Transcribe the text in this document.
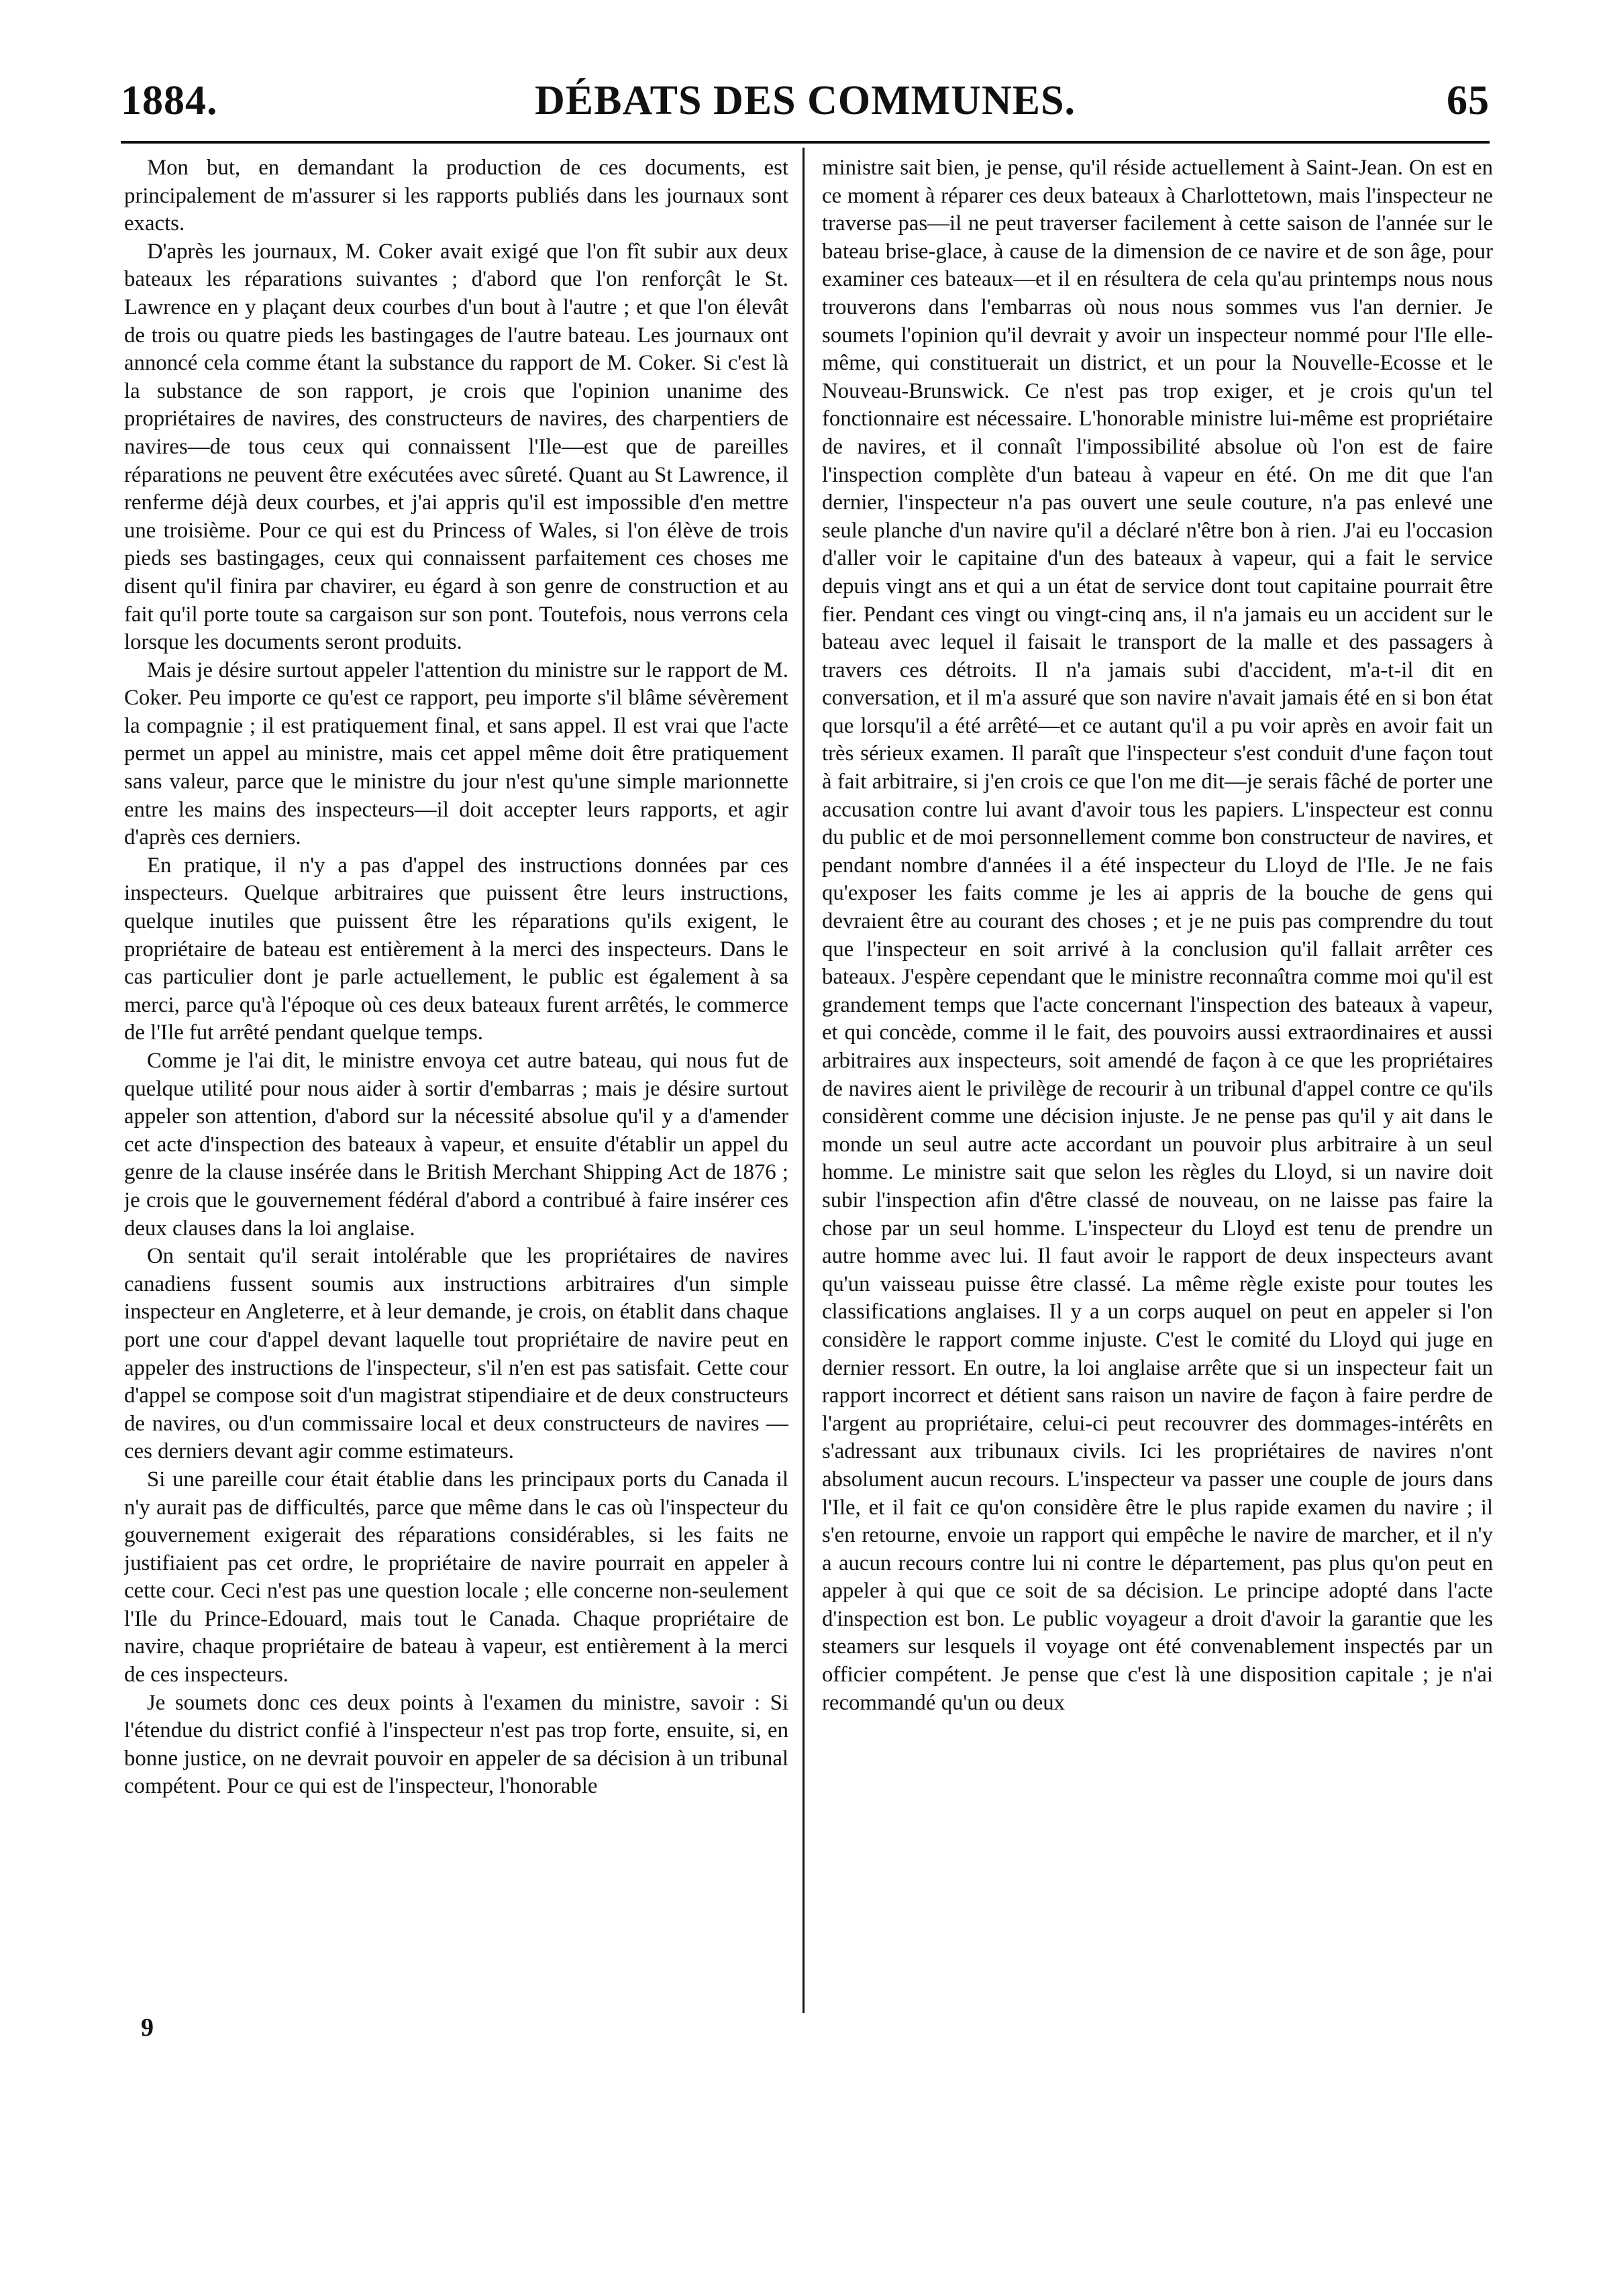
DÉBATS DES COMMUNES.
1884.	65

Mon but, en demandant la production de ces documents, est principalement de m'assurer si les rapports publiés dans les journaux sont exacts.

D'après les journaux, M. Coker avait exigé que l'on fît subir aux deux bateaux les réparations suivantes ; d'abord que l'on renforçât le St. Lawrence en y plaçant deux courbes d'un bout à l'autre ; et que l'on élevât de trois ou quatre pieds les bastingages de l'autre bateau. Les journaux ont annoncé cela comme étant la substance du rapport de M. Coker. Si c'est là la substance de son rapport, je crois que l'opinion unanime des propriétaires de navires, des constructeurs de navires, des charpentiers de navires—de tous ceux qui connaissent l'Ile—est que de pareilles réparations ne peuvent être exécutées avec sûreté. Quant au St Lawrence, il renferme déjà deux courbes, et j'ai appris qu'il est impossible d'en mettre une troisième. Pour ce qui est du Princess of Wales, si l'on élève de trois pieds ses bastingages, ceux qui connaissent parfaitement ces choses me disent qu'il finira par chavirer, eu égard à son genre de construction et au fait qu'il porte toute sa cargaison sur son pont. Toutefois, nous verrons cela lorsque les documents seront produits.

Mais je désire surtout appeler l'attention du ministre sur le rapport de M. Coker. Peu importe ce qu'est ce rapport, peu importe s'il blâme sévèrement la compagnie ; il est pratiquement final, et sans appel. Il est vrai que l'acte permet un appel au ministre, mais cet appel même doit être pratiquement sans valeur, parce que le ministre du jour n'est qu'une simple marionnette entre les mains des inspecteurs—il doit accepter leurs rapports, et agir d'après ces derniers.

En pratique, il n'y a pas d'appel des instructions données par ces inspecteurs. Quelque arbitraires que puissent être leurs instructions, quelque inutiles que puissent être les réparations qu'ils exigent, le propriétaire de bateau est entièrement à la merci des inspecteurs. Dans le cas particulier dont je parle actuellement, le public est également à sa merci, parce qu'à l'époque où ces deux bateaux furent arrêtés, le commerce de l'Ile fut arrêté pendant quelque temps.

Comme je l'ai dit, le ministre envoya cet autre bateau, qui nous fut de quelque utilité pour nous aider à sortir d'embarras ; mais je désire surtout appeler son attention, d'abord sur la nécessité absolue qu'il y a d'amender cet acte d'inspection des bateaux à vapeur, et ensuite d'établir un appel du genre de la clause insérée dans le British Merchant Shipping Act de 1876 ; je crois que le gouvernement fédéral d'abord a contribué à faire insérer ces deux clauses dans la loi anglaise.

On sentait qu'il serait intolérable que les propriétaires de navires canadiens fussent soumis aux instructions arbitraires d'un simple inspecteur en Angleterre, et à leur demande, je crois, on établit dans chaque port une cour d'appel devant laquelle tout propriétaire de navire peut en appeler des instructions de l'inspecteur, s'il n'en est pas satisfait. Cette cour d'appel se compose soit d'un magistrat stipendiaire et de deux constructeurs de navires, ou d'un commissaire local et deux constructeurs de navires —ces derniers devant agir comme estimateurs.

Si une pareille cour était établie dans les principaux ports du Canada il n'y aurait pas de difficultés, parce que même dans le cas où l'inspecteur du gouvernement exigerait des réparations considérables, si les faits ne justifiaient pas cet ordre, le propriétaire de navire pourrait en appeler à cette cour. Ceci n'est pas une question locale ; elle concerne non-seulement l'Ile du Prince-Edouard, mais tout le Canada. Chaque propriétaire de navire, chaque propriétaire de bateau à vapeur, est entièrement à la merci de ces inspecteurs.

Je soumets donc ces deux points à l'examen du ministre, savoir : Si l'étendue du district confié à l'inspecteur n'est pas trop forte, ensuite, si, en bonne justice, on ne devrait pouvoir en appeler de sa décision à un tribunal compétent. Pour ce qui est de l'inspecteur, l'honorable

ministre sait bien, je pense, qu'il réside actuellement à Saint-Jean. On est en ce moment à réparer ces deux bateaux à Charlottetown, mais l'inspecteur ne traverse pas—il ne peut traverser facilement à cette saison de l'année sur le bateau brise-glace, à cause de la dimension de ce navire et de son âge, pour examiner ces bateaux—et il en résultera de cela qu'au printemps nous nous trouverons dans l'embarras où nous nous sommes vus l'an dernier. Je soumets l'opinion qu'il devrait y avoir un inspecteur nommé pour l'Ile elle-même, qui constituerait un district, et un pour la Nouvelle-Ecosse et le Nouveau-Brunswick. Ce n'est pas trop exiger, et je crois qu'un tel fonctionnaire est nécessaire. L'honorable ministre lui-même est propriétaire de navires, et il connaît l'impossibilité absolue où l'on est de faire l'inspection complète d'un bateau à vapeur en été. On me dit que l'an dernier, l'inspecteur n'a pas ouvert une seule couture, n'a pas enlevé une seule planche d'un navire qu'il a déclaré n'être bon à rien. J'ai eu l'occasion d'aller voir le capitaine d'un des bateaux à vapeur, qui a fait le service depuis vingt ans et qui a un état de service dont tout capitaine pourrait être fier. Pendant ces vingt ou vingt-cinq ans, il n'a jamais eu un accident sur le bateau avec lequel il faisait le transport de la malle et des passagers à travers ces détroits. Il n'a jamais subi d'accident, m'a-t-il dit en conversation, et il m'a assuré que son navire n'avait jamais été en si bon état que lorsqu'il a été arrêté—et ce autant qu'il a pu voir après en avoir fait un très sérieux examen. Il paraît que l'inspecteur s'est conduit d'une façon tout à fait arbitraire, si j'en crois ce que l'on me dit—je serais fâché de porter une accusation contre lui avant d'avoir tous les papiers. L'inspecteur est connu du public et de moi personnellement comme bon constructeur de navires, et pendant nombre d'années il a été inspecteur du Lloyd de l'Ile. Je ne fais qu'exposer les faits comme je les ai appris de la bouche de gens qui devraient être au courant des choses ; et je ne puis pas comprendre du tout que l'inspecteur en soit arrivé à la conclusion qu'il fallait arrêter ces bateaux. J'espère cependant que le ministre reconnaîtra comme moi qu'il est grandement temps que l'acte concernant l'inspection des bateaux à vapeur, et qui concède, comme il le fait, des pouvoirs aussi extraordinaires et aussi arbitraires aux inspecteurs, soit amendé de façon à ce que les propriétaires de navires aient le privilège de recourir à un tribunal d'appel contre ce qu'ils considèrent comme une décision injuste. Je ne pense pas qu'il y ait dans le monde un seul autre acte accordant un pouvoir plus arbitraire à un seul homme. Le ministre sait que selon les règles du Lloyd, si un navire doit subir l'inspection afin d'être classé de nouveau, on ne laisse pas faire la chose par un seul homme. L'inspecteur du Lloyd est tenu de prendre un autre homme avec lui. Il faut avoir le rapport de deux inspecteurs avant qu'un vaisseau puisse être classé. La même règle existe pour toutes les classifications anglaises. Il y a un corps auquel on peut en appeler si l'on considère le rapport comme injuste. C'est le comité du Lloyd qui juge en dernier ressort. En outre, la loi anglaise arrête que si un inspecteur fait un rapport incorrect et détient sans raison un navire de façon à faire perdre de l'argent au propriétaire, celui-ci peut recouvrer des dommages-intérêts en s'adressant aux tribunaux civils. Ici les propriétaires de navires n'ont absolument aucun recours. L'inspecteur va passer une couple de jours dans l'Ile, et il fait ce qu'on considère être le plus rapide examen du navire ; il s'en retourne, envoie un rapport qui empêche le navire de marcher, et il n'y a aucun recours contre lui ni contre le département, pas plus qu'on peut en appeler à qui que ce soit de sa décision. Le principe adopté dans l'acte d'inspection est bon. Le public voyageur a droit d'avoir la garantie que les steamers sur lesquels il voyage ont été convenablement inspectés par un officier compétent. Je pense que c'est là une disposition capitale ; je n'ai recommandé qu'un ou deux

9
